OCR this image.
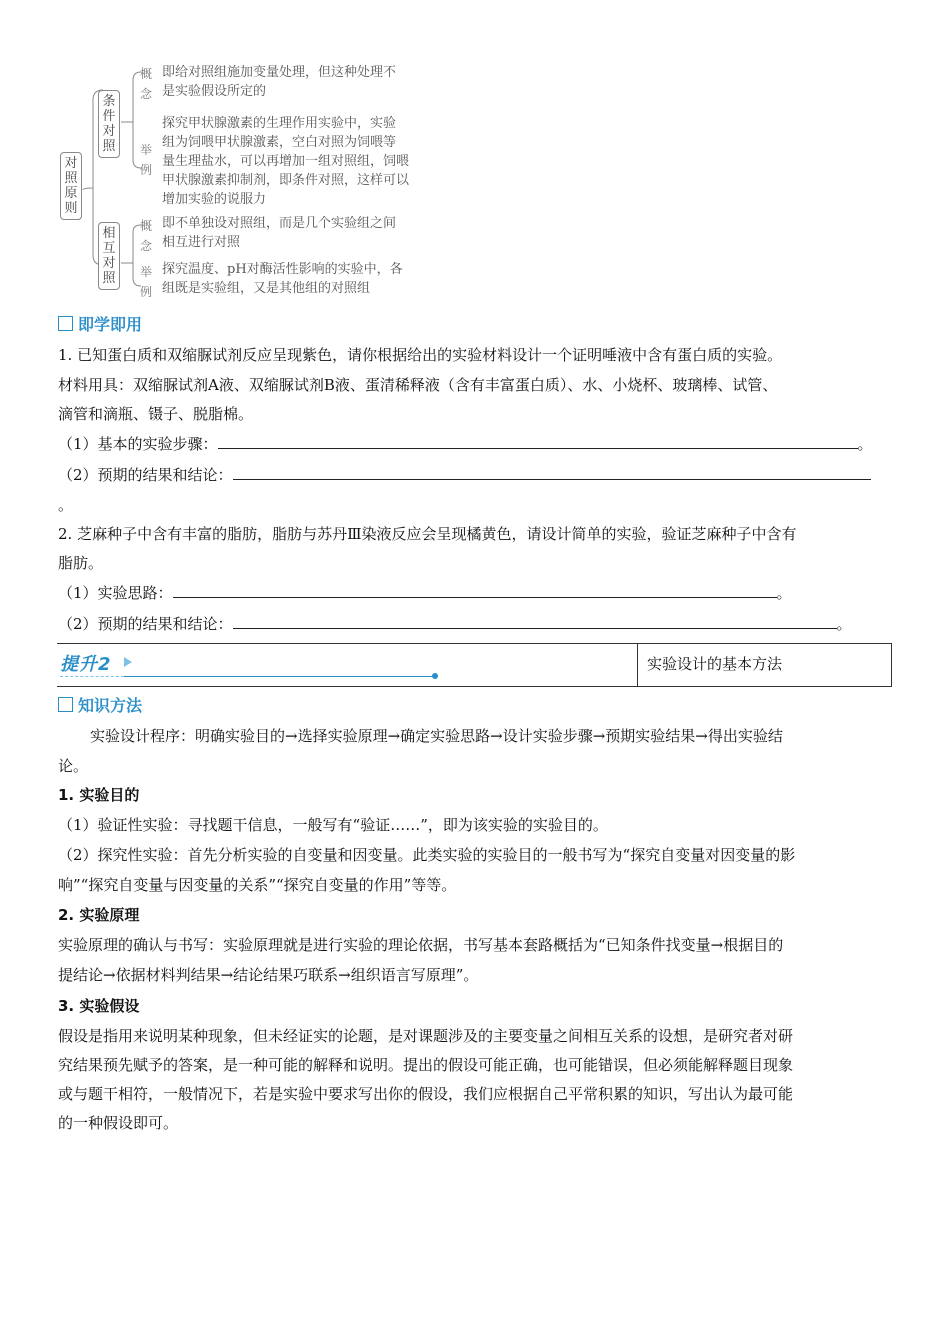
对照原则
条件对照
相互对照
概念
即给对照组施加变量处理，但这种处理不
是实验假设所定的
举例
探究甲状腺激素的生理作用实验中，实验
组为饲喂甲状腺激素，空白对照为饲喂等
量生理盐水，可以再增加一组对照组，饲喂
甲状腺激素抑制剂，即条件对照，这样可以
增加实验的说服力
概念
即不单独设对照组，而是几个实验组之间
相互进行对照
举例
探究温度、pH对酶活性影响的实验中，各
组既是实验组，又是其他组的对照组
即学即用
1. 已知蛋白质和双缩脲试剂反应呈现紫色，请你根据给出的实验材料设计一个证明唾液中含有蛋白质的实验。
材料用具：双缩脲试剂A液、双缩脲试剂B液、蛋清稀释液（含有丰富蛋白质）、水、小烧杯、玻璃棒、试管、
滴管和滴瓶、镊子、脱脂棉。
（1）基本的实验步骤：	。
（2）预期的结果和结论：
。
2. 芝麻种子中含有丰富的脂肪，脂肪与苏丹Ⅲ染液反应会呈现橘黄色，请设计简单的实验，验证芝麻种子中含有
脂肪。
（1）实验思路：	。
（2）预期的结果和结论：	。
提升2	实验设计的基本方法
知识方法
实验设计程序：明确实验目的→选择实验原理→确定实验思路→设计实验步骤→预期实验结果→得出实验结
论。
1. 实验目的
（1）验证性实验：寻找题干信息，一般写有“验证……”，即为该实验的实验目的。
（2）探究性实验：首先分析实验的自变量和因变量。此类实验的实验目的一般书写为“探究自变量对因变量的影
响”“探究自变量与因变量的关系”“探究自变量的作用”等等。
2. 实验原理
实验原理的确认与书写：实验原理就是进行实验的理论依据，书写基本套路概括为“已知条件找变量→根据目的
提结论→依据材料判结果→结论结果巧联系→组织语言写原理”。
3. 实验假设
假设是指用来说明某种现象，但未经证实的论题，是对课题涉及的主要变量之间相互关系的设想，是研究者对研
究结果预先赋予的答案，是一种可能的解释和说明。提出的假设可能正确，也可能错误，但必须能解释题目现象
或与题干相符，一般情况下，若是实验中要求写出你的假设，我们应根据自己平常积累的知识，写出认为最可能
的一种假设即可。
